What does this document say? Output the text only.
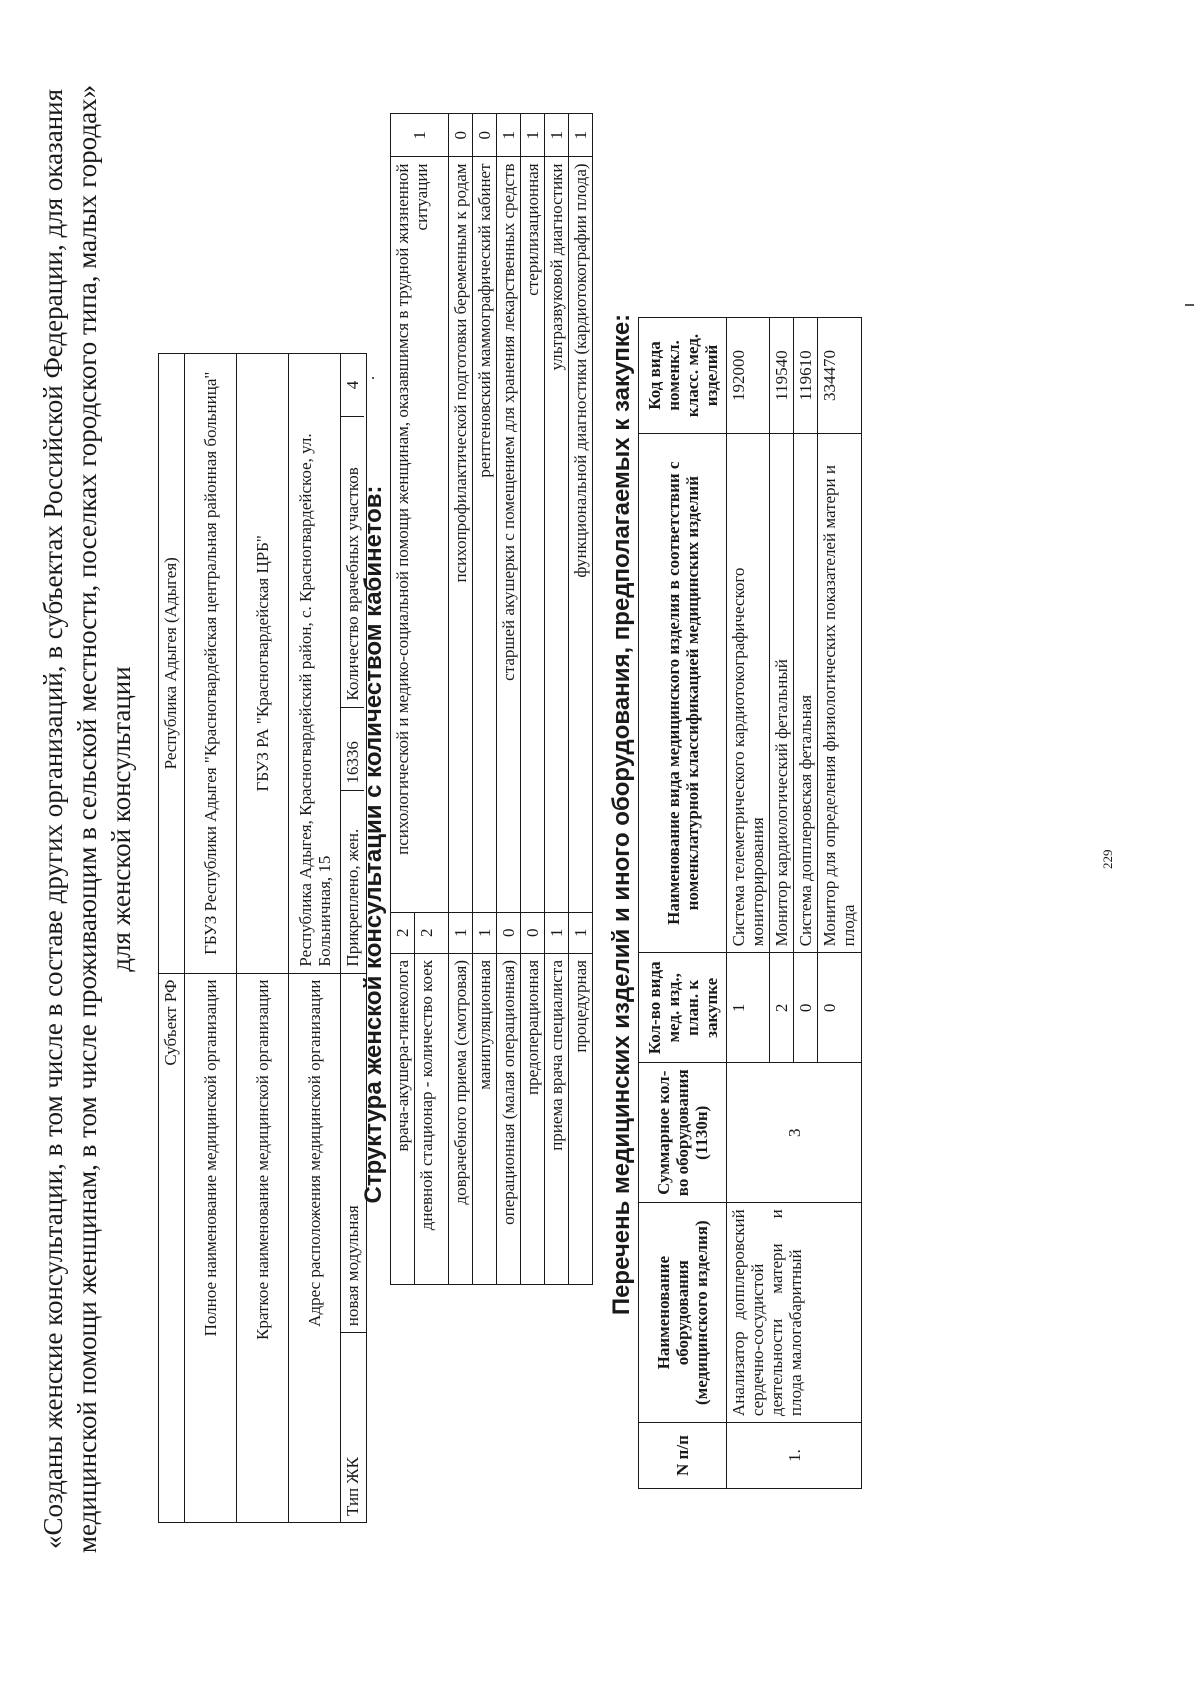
«Созданы женские консультации, в том числе в составе других организаций, в субъектах Российской Федерации, для оказания медицинской помощи женщинам, в том числе проживающим в сельской местности, поселках городского типа, малых городах» для женской консультации
Субъект РФ	Республика Адыгея (Адыгея)
Полное наименование медицинской организации	ГБУЗ Республики Адыгея "Красногвардейская центральная районная больница"
Краткое наименование медицинской организации	ГБУЗ РА "Красногвардейская ЦРБ"
Адрес расположения медицинской организации	Республика Адыгея, Красногвардейский район, с. Красногвардейское, ул. Больничная, 15
Тип ЖК	новая модульная	
Прикреплено, жен.	16336	Количество врачебных участков	4
Структура женской консультации с количеством кабинетов: врача-акушера-гинеколога	2	психологической и медико-социальной помощи женщинам, оказавшимся в трудной жизненной ситуации	1
дневной стационар - количество коек	2		
доврачебного приема (смотровая)	1	психопрофилактической подготовки беременным к родам	0
манипуляционная	1	рентгеновский маммографический кабинет	0
операционная (малая операционная)	0	старшей акушерки с помещением для хранения лекарственных средств	1
предоперационная	0	стерилизационная	1
приема врача специалиста	1	ультразвуковой диагностики	1
процедурная	1	функциональной диагностики (кардиотокографии плода)	1
Перечень медицинских изделий и иного оборудования, предполагаемых к закупке:
N п/п	Наименование оборудования (медицинского изделия)	Суммарное кол-во оборудования (1130н)	Кол-во вида мед. изд., план. к закупке	Наименование вида медицинского изделия в соответствии с номенклатурной классификацией медицинских изделий	Код вида номенкл. класс. мед. изделий
1.	Анализатор допплеровский сердечно-сосудистой деятельности матери и плода малогабаритный	3	1	Система телеметрического кардиотокографического мониторирования	192000
			2	Монитор кардиологический фетальный	119540
			0	Система допплеровская фетальная	119610
			0	Монитор для определения физиологических показателей матери и плода	334470
229
